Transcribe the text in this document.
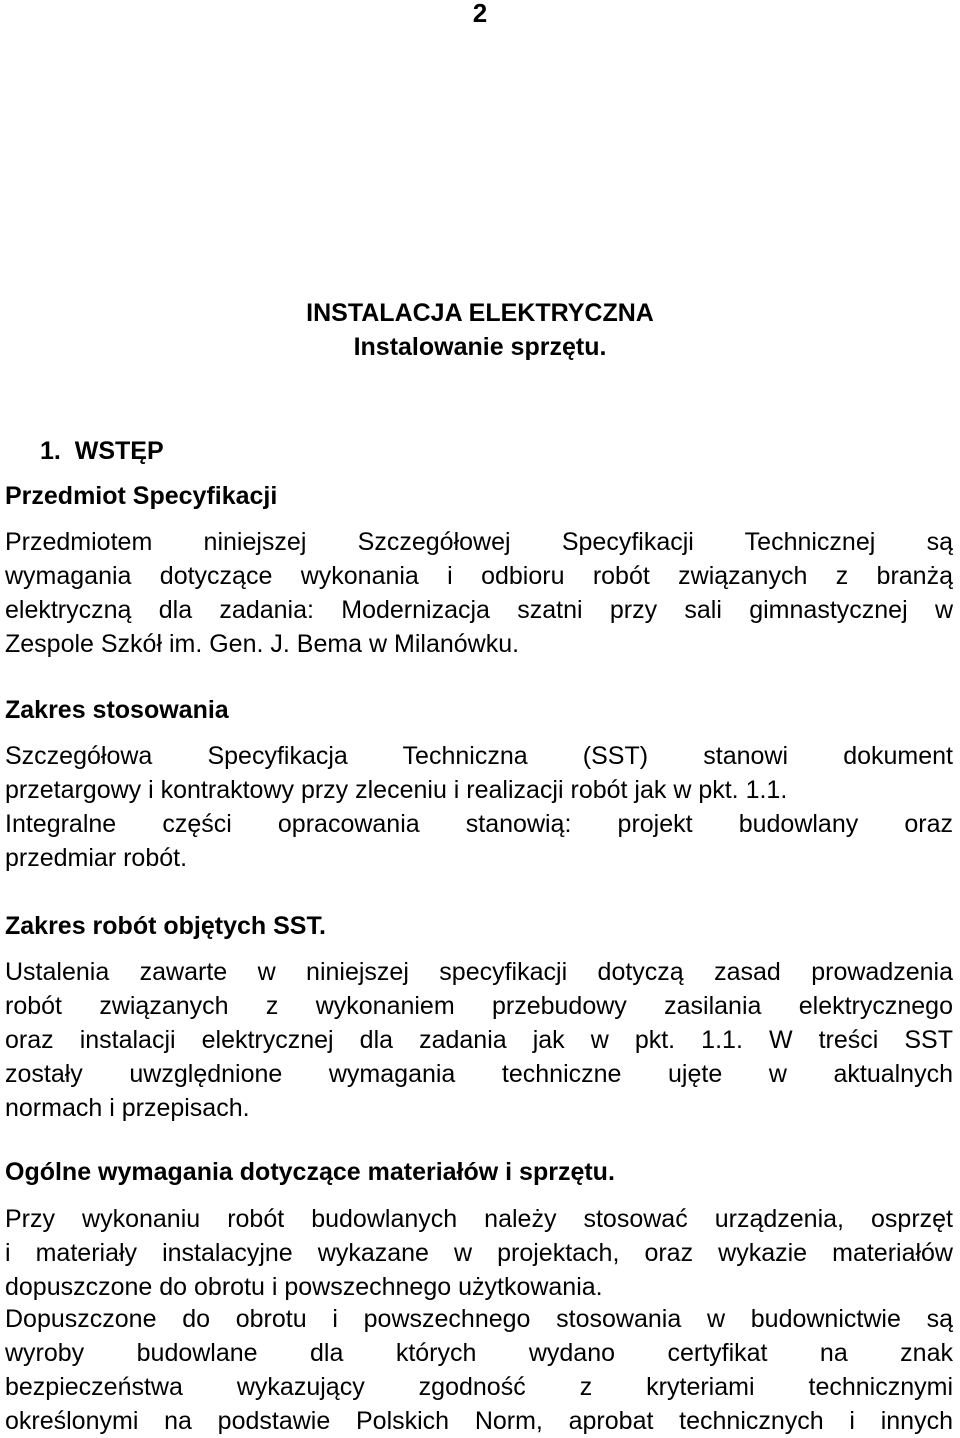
2
INSTALACJA ELEKTRYCZNA
Instalowanie sprzętu.
1. WSTĘP
Przedmiot Specyfikacji
Przedmiotem niniejszej Szczegółowej Specyfikacji Technicznej są
wymagania dotyczące wykonania i odbioru robót związanych z branżą
elektryczną dla zadania: Modernizacja szatni przy sali gimnastycznej w
Zespole Szkół im. Gen. J. Bema w Milanówku.
Zakres stosowania
Szczegółowa Specyfikacja Techniczna (SST) stanowi dokument
przetargowy i kontraktowy przy zleceniu i realizacji robót jak w pkt. 1.1.
Integralne części opracowania stanowią: projekt budowlany oraz
przedmiar robót.
Zakres robót objętych SST.
Ustalenia zawarte w niniejszej specyfikacji dotyczą zasad prowadzenia
robót związanych z wykonaniem przebudowy zasilania elektrycznego
oraz instalacji elektrycznej dla zadania jak w pkt. 1.1. W treści SST
zostały uwzględnione wymagania techniczne ujęte w aktualnych
normach i przepisach.
Ogólne wymagania dotyczące materiałów i sprzętu.
Przy wykonaniu robót budowlanych należy stosować urządzenia, osprzęt
i materiały instalacyjne wykazane w projektach, oraz wykazie materiałów
dopuszczone do obrotu i powszechnego użytkowania.
Dopuszczone do obrotu i powszechnego stosowania w budownictwie są
wyroby budowlane dla których wydano certyfikat na znak
bezpieczeństwa wykazujący zgodność z kryteriami technicznymi
określonymi na podstawie Polskich Norm, aprobat technicznych i innych
